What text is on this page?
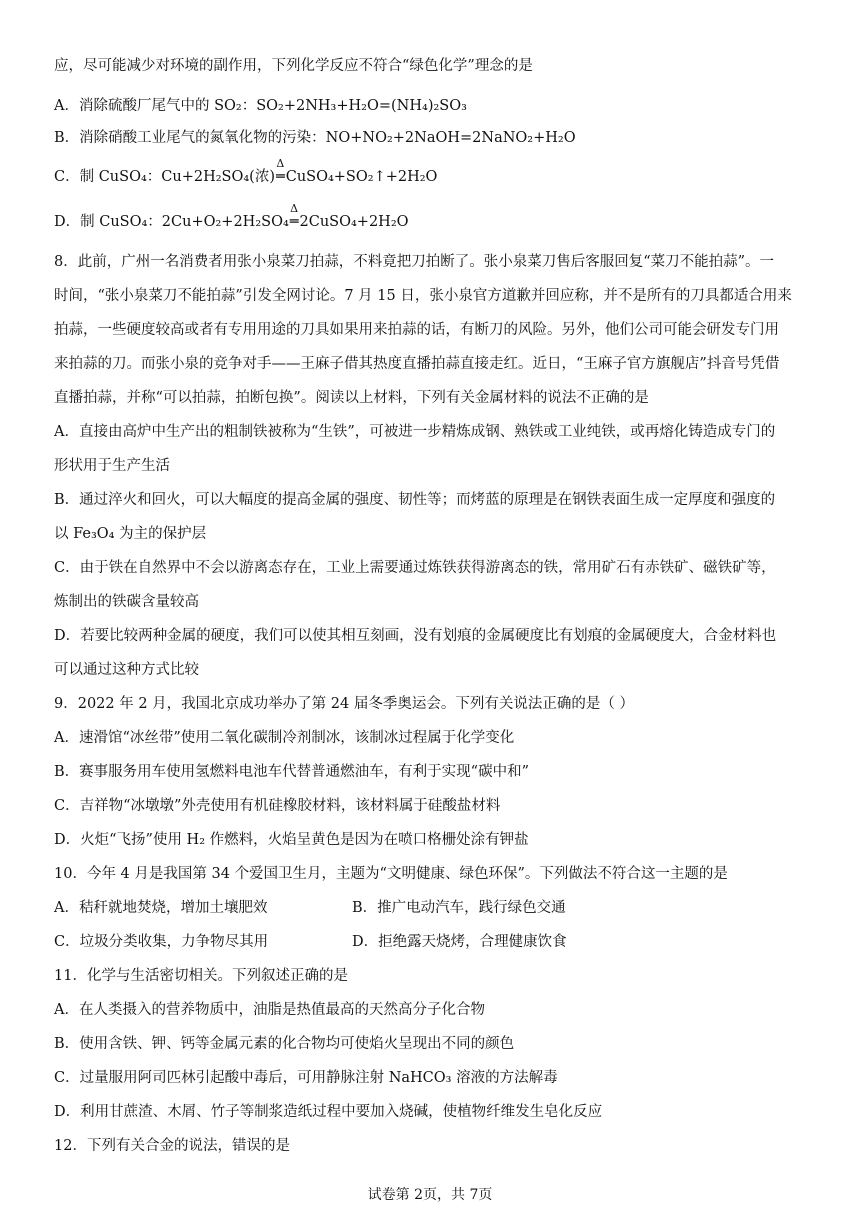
应，尽可能减少对环境的副作用，下列化学反应不符合“绿色化学”理念的是
A．消除硫酸厂尾气中的 SO₂：SO₂+2NH₃+H₂O=(NH₄)₂SO₃
B．消除硝酸工业尾气的氮氧化物的污染：NO+NO₂+2NaOH=2NaNO₂+H₂O
C．制 CuSO₄：Cu+2H₂SO₄(浓)
Δ
═CuSO₄+SO₂↑+2H₂O
D．制 CuSO₄：2Cu+O₂+2H₂SO₄
Δ
═2CuSO₄+2H₂O
8．此前，广州一名消费者用张小泉菜刀拍蒜，不料竟把刀拍断了。张小泉菜刀售后客服回复“菜刀不能拍蒜”。一
时间，“张小泉菜刀不能拍蒜”引发全网讨论。7 月 15 日，张小泉官方道歉并回应称，并不是所有的刀具都适合用来
拍蒜，一些硬度较高或者有专用用途的刀具如果用来拍蒜的话，有断刀的风险。另外，他们公司可能会研发专门用
来拍蒜的刀。而张小泉的竞争对手——王麻子借其热度直播拍蒜直接走红。近日，“王麻子官方旗舰店”抖音号凭借
直播拍蒜，并称“可以拍蒜，拍断包换”。阅读以上材料，下列有关金属材料的说法不正确的是
A．直接由高炉中生产出的粗制铁被称为“生铁”，可被进一步精炼成钢、熟铁或工业纯铁，或再熔化铸造成专门的
形状用于生产生活
B．通过淬火和回火，可以大幅度的提高金属的强度、韧性等；而烤蓝的原理是在钢铁表面生成一定厚度和强度的
以 Fe₃O₄ 为主的保护层
C．由于铁在自然界中不会以游离态存在，工业上需要通过炼铁获得游离态的铁，常用矿石有赤铁矿、磁铁矿等，
炼制出的铁碳含量较高
D．若要比较两种金属的硬度，我们可以使其相互刻画，没有划痕的金属硬度比有划痕的金属硬度大，合金材料也
可以通过这种方式比较
9．2022 年 2 月，我国北京成功举办了第 24 届冬季奥运会。下列有关说法正确的是（ ）
A．速滑馆“冰丝带”使用二氧化碳制冷剂制冰，该制冰过程属于化学变化
B．赛事服务用车使用氢燃料电池车代替普通燃油车，有利于实现“碳中和”
C．吉祥物“冰墩墩”外壳使用有机硅橡胶材料，该材料属于硅酸盐材料
D．火炬“飞扬”使用 H₂ 作燃料，火焰呈黄色是因为在喷口格栅处涂有钾盐
10．今年 4 月是我国第 34 个爱国卫生月，主题为“文明健康、绿色环保”。下列做法不符合这一主题的是
A．秸秆就地焚烧，增加土壤肥效	B．推广电动汽车，践行绿色交通
C．垃圾分类收集，力争物尽其用	D．拒绝露天烧烤，合理健康饮食
11．化学与生活密切相关。下列叙述正确的是
A．在人类摄入的营养物质中，油脂是热值最高的天然高分子化合物
B．使用含铁、钾、钙等金属元素的化合物均可使焰火呈现出不同的颜色
C．过量服用阿司匹林引起酸中毒后，可用静脉注射 NaHCO₃ 溶液的方法解毒
D．利用甘蔗渣、木屑、竹子等制浆造纸过程中要加入烧碱，使植物纤维发生皂化反应
12．下列有关合金的说法，错误的是
试卷第 2页，共 7页
